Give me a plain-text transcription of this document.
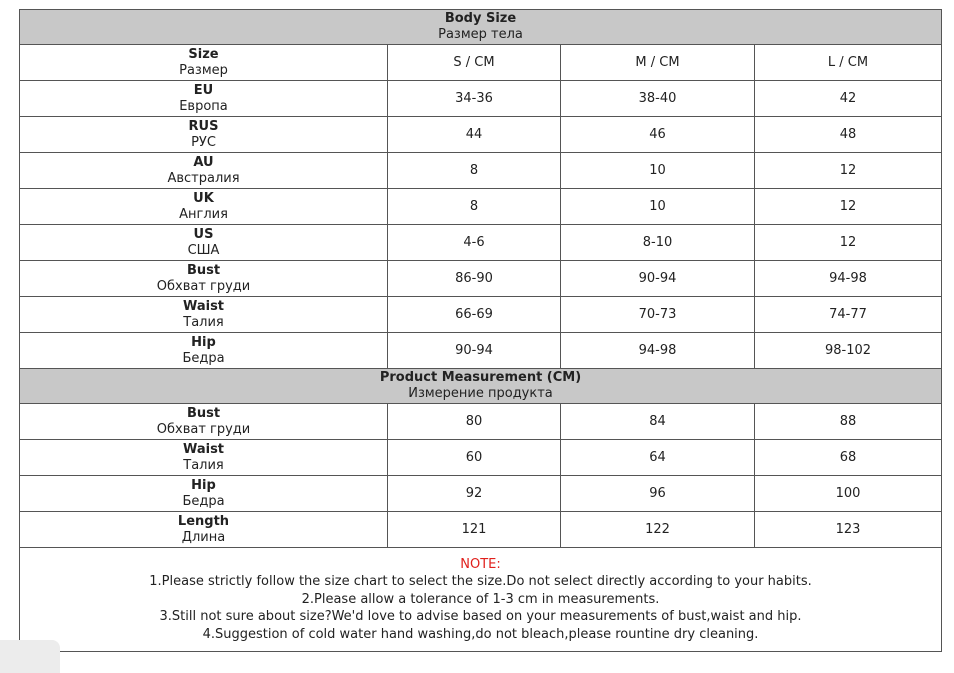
Body Size
Размер тела			

Size
Размер	S / CM	M / CM	L / CM

EU
Европа	34-36	38-40	42

RUS
РУС	44	46	48

AU
Австралия	8	10	12

UK
Англия	8	10	12

US
США	4-6	8-10	12

Bust
Обхват груди	86-90	90-94	94-98

Waist
Талия	66-69	70-73	74-77

Hip
Бедра	90-94	94-98	98-102

Product Measurement (CM)
Измерение продукта			

Bust
Обхват груди	80	84	88

Waist
Талия	60	64	68

Hip
Бедра	92	96	100

Length
Длина	121	122	123

NOTE:
1.Please strictly follow the size chart to select the size.Do not select directly according to your habits.
2.Please allow a tolerance of 1-3 cm in measurements.
3.Still not sure about size?We'd love to advise based on your measurements of bust,waist and hip.
4.Suggestion of cold water hand washing,do not bleach,please rountine dry cleaning.			
